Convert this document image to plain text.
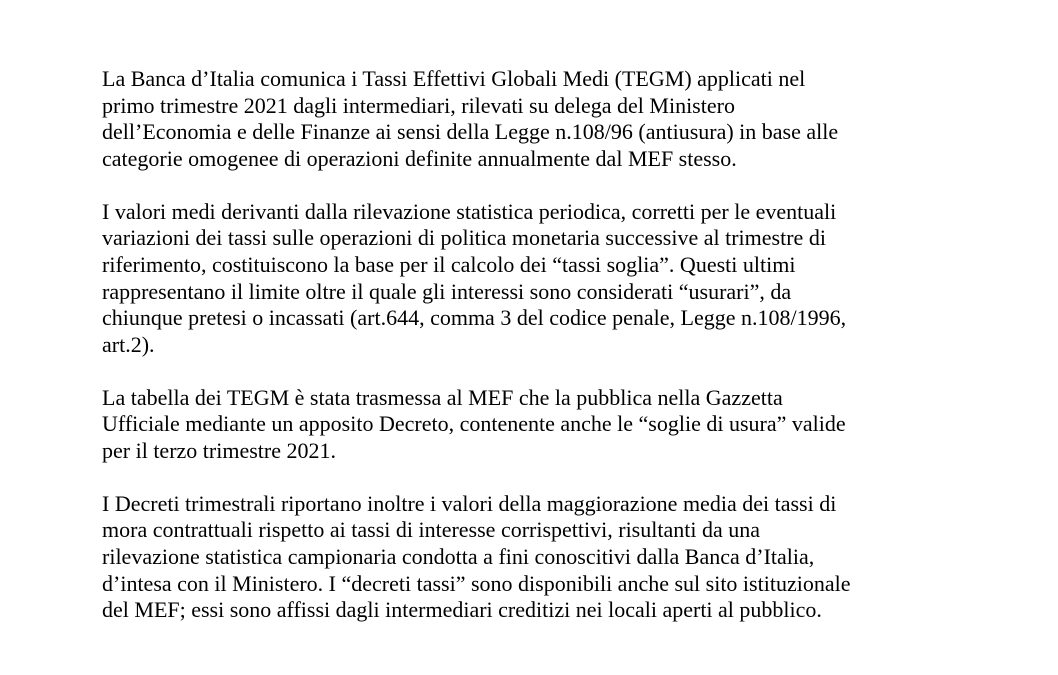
La Banca d’Italia comunica i Tassi Effettivi Globali Medi (TEGM) applicati nel
primo trimestre 2021 dagli intermediari, rilevati su delega del Ministero
dell’Economia e delle Finanze ai sensi della Legge n.108/96 (antiusura) in base alle
categorie omogenee di operazioni definite annualmente dal MEF stesso.

I valori medi derivanti dalla rilevazione statistica periodica, corretti per le eventuali
variazioni dei tassi sulle operazioni di politica monetaria successive al trimestre di
riferimento, costituiscono la base per il calcolo dei “tassi soglia”. Questi ultimi
rappresentano il limite oltre il quale gli interessi sono considerati “usurari”, da
chiunque pretesi o incassati (art.644, comma 3 del codice penale, Legge n.108/1996,
art.2).

La tabella dei TEGM è stata trasmessa al MEF che la pubblica nella Gazzetta
Ufficiale mediante un apposito Decreto, contenente anche le “soglie di usura” valide
per il terzo trimestre 2021.

I Decreti trimestrali riportano inoltre i valori della maggiorazione media dei tassi di
mora contrattuali rispetto ai tassi di interesse corrispettivi, risultanti da una
rilevazione statistica campionaria condotta a fini conoscitivi dalla Banca d’Italia,
d’intesa con il Ministero. I “decreti tassi” sono disponibili anche sul sito istituzionale
del MEF; essi sono affissi dagli intermediari creditizi nei locali aperti al pubblico.
